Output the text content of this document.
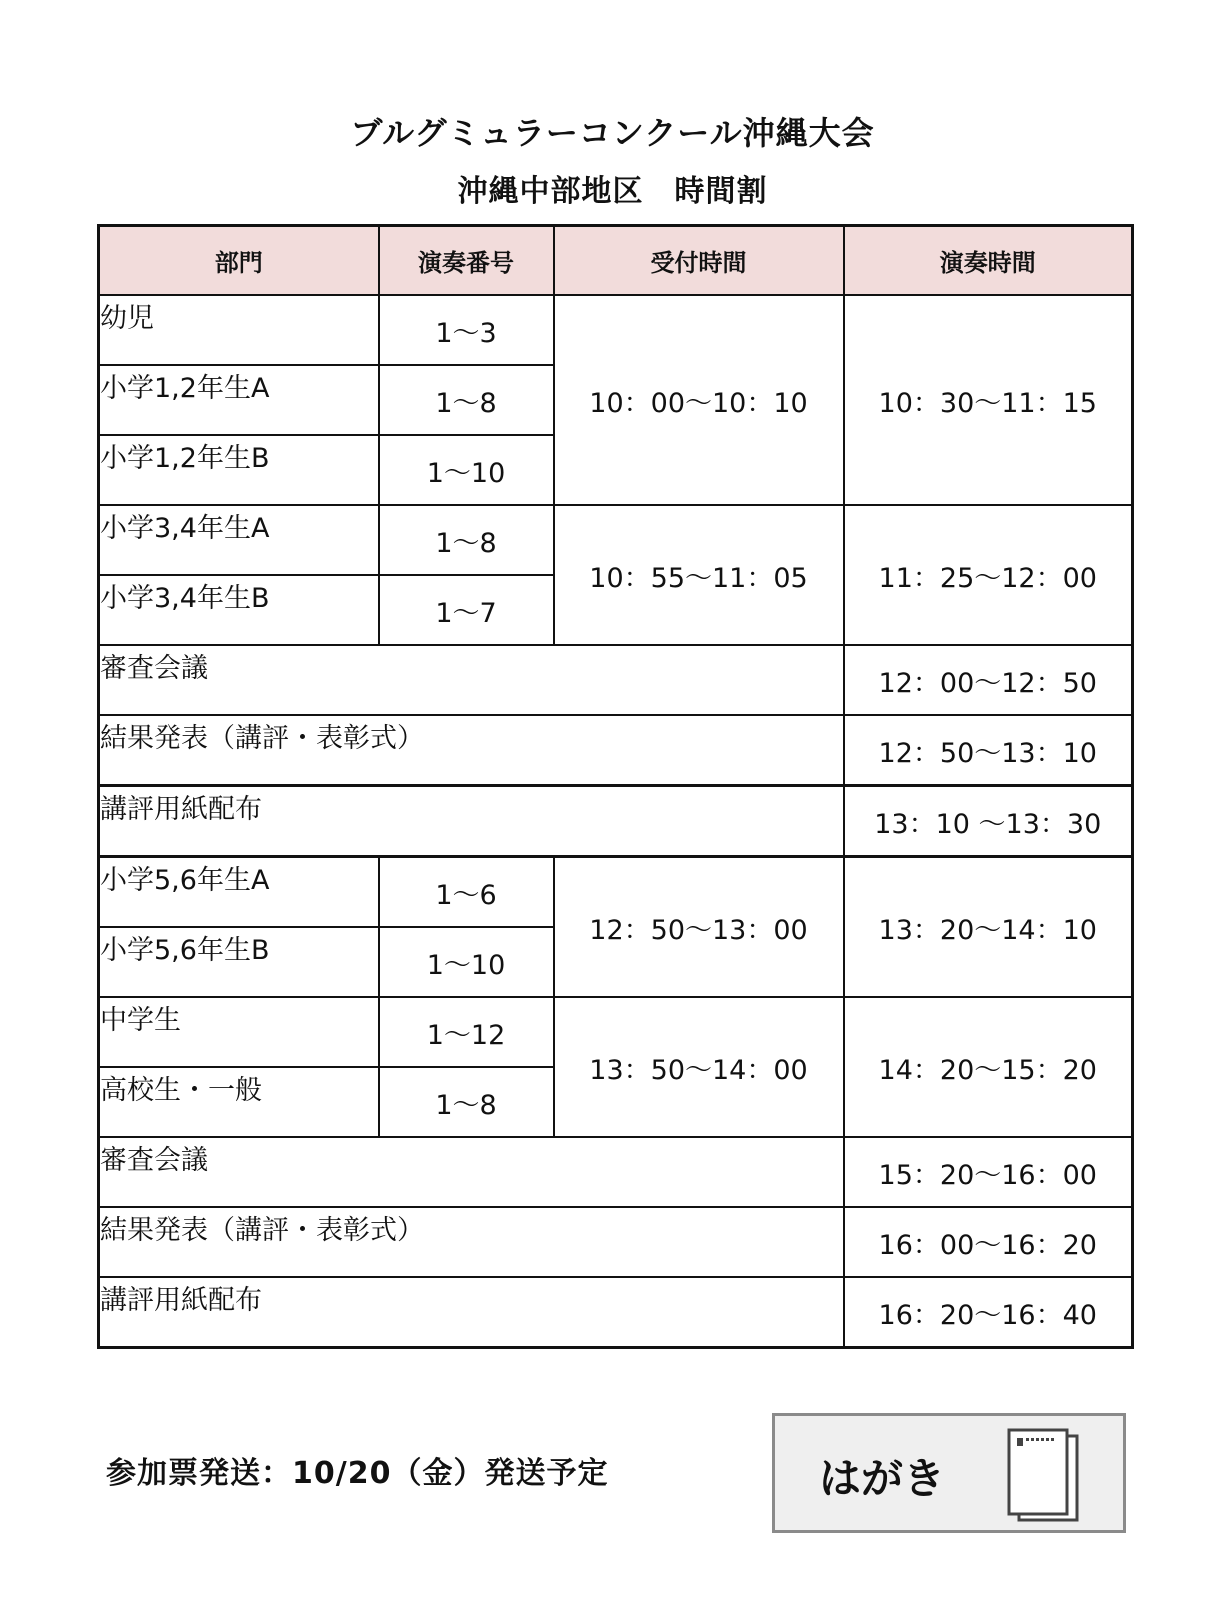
ブルグミュラーコンクール沖縄大会
沖縄中部地区　時間割
部門	演奏番号	受付時間	演奏時間
幼児	1～3	10：00～10：10	10：30～11：15
小学1,2年生A	1～8		
小学1,2年生B	1～10		
小学3,4年生A	1～8	10：55～11：05	11：25～12：00
小学3,4年生B	1～7		
審査会議			12：00～12：50
結果発表（講評・表彰式）			12：50～13：10
講評用紙配布			13：10 ～13：30
小学5,6年生A	1～6	12：50～13：00	13：20～14：10
小学5,6年生B	1～10		
中学生	1～12	13：50～14：00	14：20～15：20
高校生・一般	1～8		
審査会議			15：20～16：00
結果発表（講評・表彰式）			16：00～16：20
講評用紙配布			16：20～16：40
参加票発送：10/20（金）発送予定	はがき
